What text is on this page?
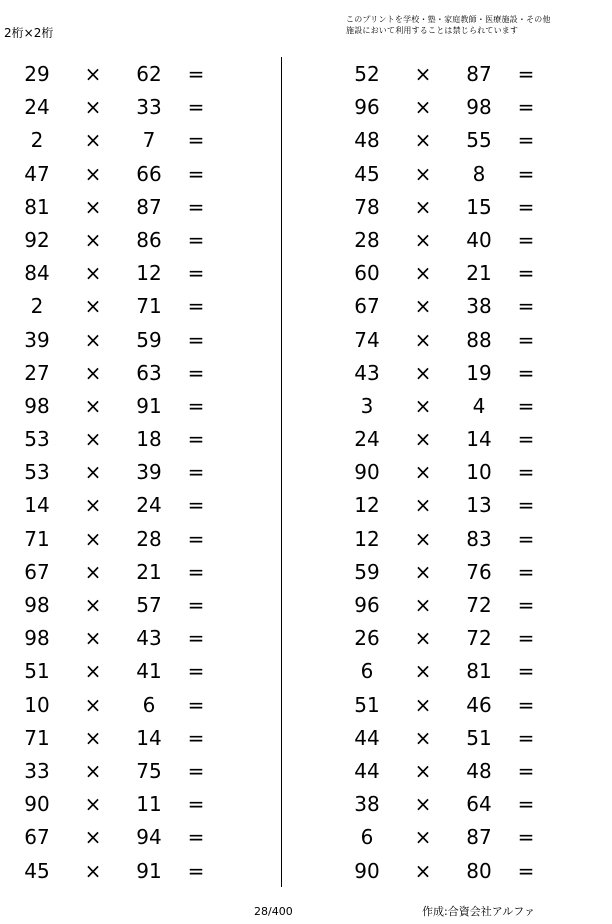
2桁×2桁
このプリントを学校・塾・家庭教師・医療施設・その他
施設において利用することは禁じられています
29	×	62	=
24	×	33	=
2	×	7	=
47	×	66	=
81	×	87	=
92	×	86	=
84	×	12	=
2	×	71	=
39	×	59	=
27	×	63	=
98	×	91	=
53	×	18	=
53	×	39	=
14	×	24	=
71	×	28	=
67	×	21	=
98	×	57	=
98	×	43	=
51	×	41	=
10	×	6	=
71	×	14	=
33	×	75	=
90	×	11	=
67	×	94	=
45	×	91	=
52	×	87	=
96	×	98	=
48	×	55	=
45	×	8	=
78	×	15	=
28	×	40	=
60	×	21	=
67	×	38	=
74	×	88	=
43	×	19	=
3	×	4	=
24	×	14	=
90	×	10	=
12	×	13	=
12	×	83	=
59	×	76	=
96	×	72	=
26	×	72	=
6	×	81	=
51	×	46	=
44	×	51	=
44	×	48	=
38	×	64	=
6	×	87	=
90	×	80	=
28/400	作成:合資会社アルファ
